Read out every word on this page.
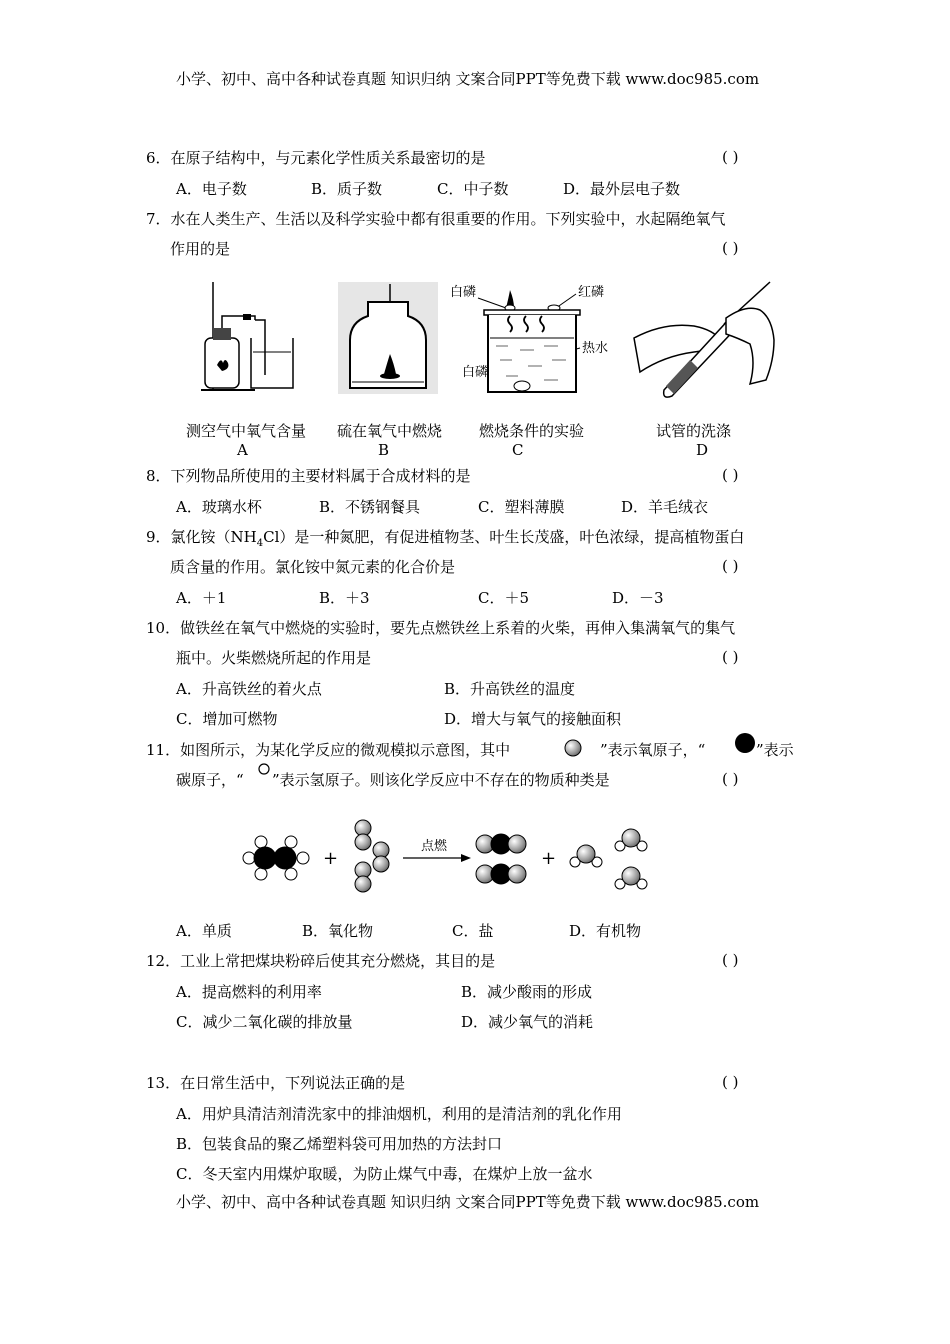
小学、初中、高中各种试卷真题 知识归纳 文案合同PPT等免费下载 www.doc985.com
6．在原子结构中，与元素化学性质关系最密切的是	( )
A．电子数	B．质子数	C．中子数	D．最外层电子数
7．水在人类生产、生活以及科学实验中都有很重要的作用。下列实验中，水起隔绝氧气
作用的是	( )
白磷	红磷
热水
白磷
测空气中氧气含量
A
硫在氧气中燃烧
B
燃烧条件的实验
C
试管的洗涤
D
8．下列物品所使用的主要材料属于合成材料的是	( )
A．玻璃水杯	B．不锈钢餐具	C．塑料薄膜	D．羊毛绒衣
9．氯化铵$(NH_4Cl)$是一种氮肥，有促进植物茎、叶生长茂盛，叶色浓绿，提高植物蛋白
质含量的作用。氯化铵中氮元素的化合价是	( )
A．＋1	B．＋3	C．＋5	D．－3
10．做铁丝在氧气中燃烧的实验时，要先点燃铁丝上系着的火柴，再伸入集满氧气的集气
瓶中。火柴燃烧所起的作用是	( )
A．升高铁丝的着火点	B．升高铁丝的温度
C．增加可燃物	D．增大与氧气的接触面积
11．如图所示，为某化学反应的微观模拟示意图，其中	”表示氧原子，“	”表示
碳原子，“ ”表示氢原子。则该化学反应中不存在的物质种类是	( )
+
点燃
+
A．单质	B．氧化物	C．盐	D．有机物
12．工业上常把煤块粉碎后使其充分燃烧，其目的是	( )
A．提高燃料的利用率	B．减少酸雨的形成
C．减少二氧化碳的排放量	D．减少氧气的消耗
13．在日常生活中，下列说法正确的是	( )
A．用炉具清洁剂清洗家中的排油烟机，利用的是清洁剂的乳化作用
B．包装食品的聚乙烯塑料袋可用加热的方法封口
C．冬天室内用煤炉取暖，为防止煤气中毒，在煤炉上放一盆水
小学、初中、高中各种试卷真题 知识归纳 文案合同PPT等免费下载 www.doc985.com
